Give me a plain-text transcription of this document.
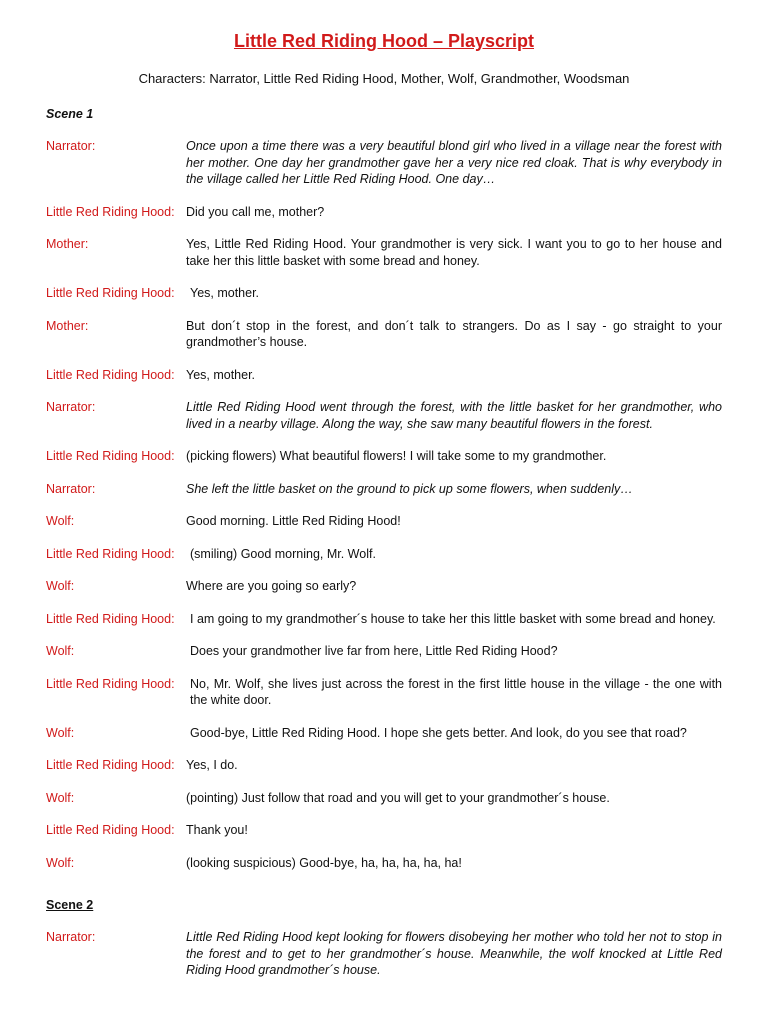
Little Red Riding Hood – Playscript
Characters: Narrator, Little Red Riding Hood, Mother, Wolf, Grandmother, Woodsman
Scene 1
Narrator:	Once upon a time there was a very beautiful blond girl who lived in a village near the forest with her mother. One day her grandmother gave her a very nice red cloak. That is why everybody in the village called her Little Red Riding Hood. One day…
Little Red Riding Hood: Did you call me, mother?
Mother:	Yes, Little Red Riding Hood. Your grandmother is very sick. I want you to go to her house and take her this little basket with some bread and honey.
Little Red Riding Hood:	Yes, mother.
Mother:	But don´t stop in the forest, and don´t talk to strangers. Do as I say - go straight to your grandmother’s house.
Little Red Riding Hood: Yes, mother.
Narrator:	Little Red Riding Hood went through the forest, with the little basket for her grandmother, who lived in a nearby village. Along the way, she saw many beautiful flowers in the forest.
Little Red Riding Hood: (picking flowers) What beautiful flowers! I will take some to my grandmother.
Narrator:	She left the little basket on the ground to pick up some flowers, when suddenly…
Wolf:	Good morning. Little Red Riding Hood!
Little Red Riding Hood:	(smiling) Good morning, Mr. Wolf.
Wolf:	Where are you going so early?
Little Red Riding Hood:	I am going to my grandmother´s house to take her this little basket with some bread and honey.
Wolf:	Does your grandmother live far from here, Little Red Riding Hood?
Little Red Riding Hood:	No, Mr. Wolf, she lives just across the forest in the first little house in the village - the one with the white door.
Wolf:	Good-bye, Little Red Riding Hood. I hope she gets better. And look, do you see that road?
Little Red Riding Hood: Yes, I do.
Wolf:	(pointing) Just follow that road and you will get to your grandmother´s house.
Little Red Riding Hood: Thank you!
Wolf:	(looking suspicious) Good-bye, ha, ha, ha, ha, ha!
Scene 2
Narrator:	Little Red Riding Hood kept looking for flowers disobeying her mother who told her not to stop in the forest and to get to her grandmother´s house. Meanwhile, the wolf knocked at Little Red Riding Hood grandmother´s house.
